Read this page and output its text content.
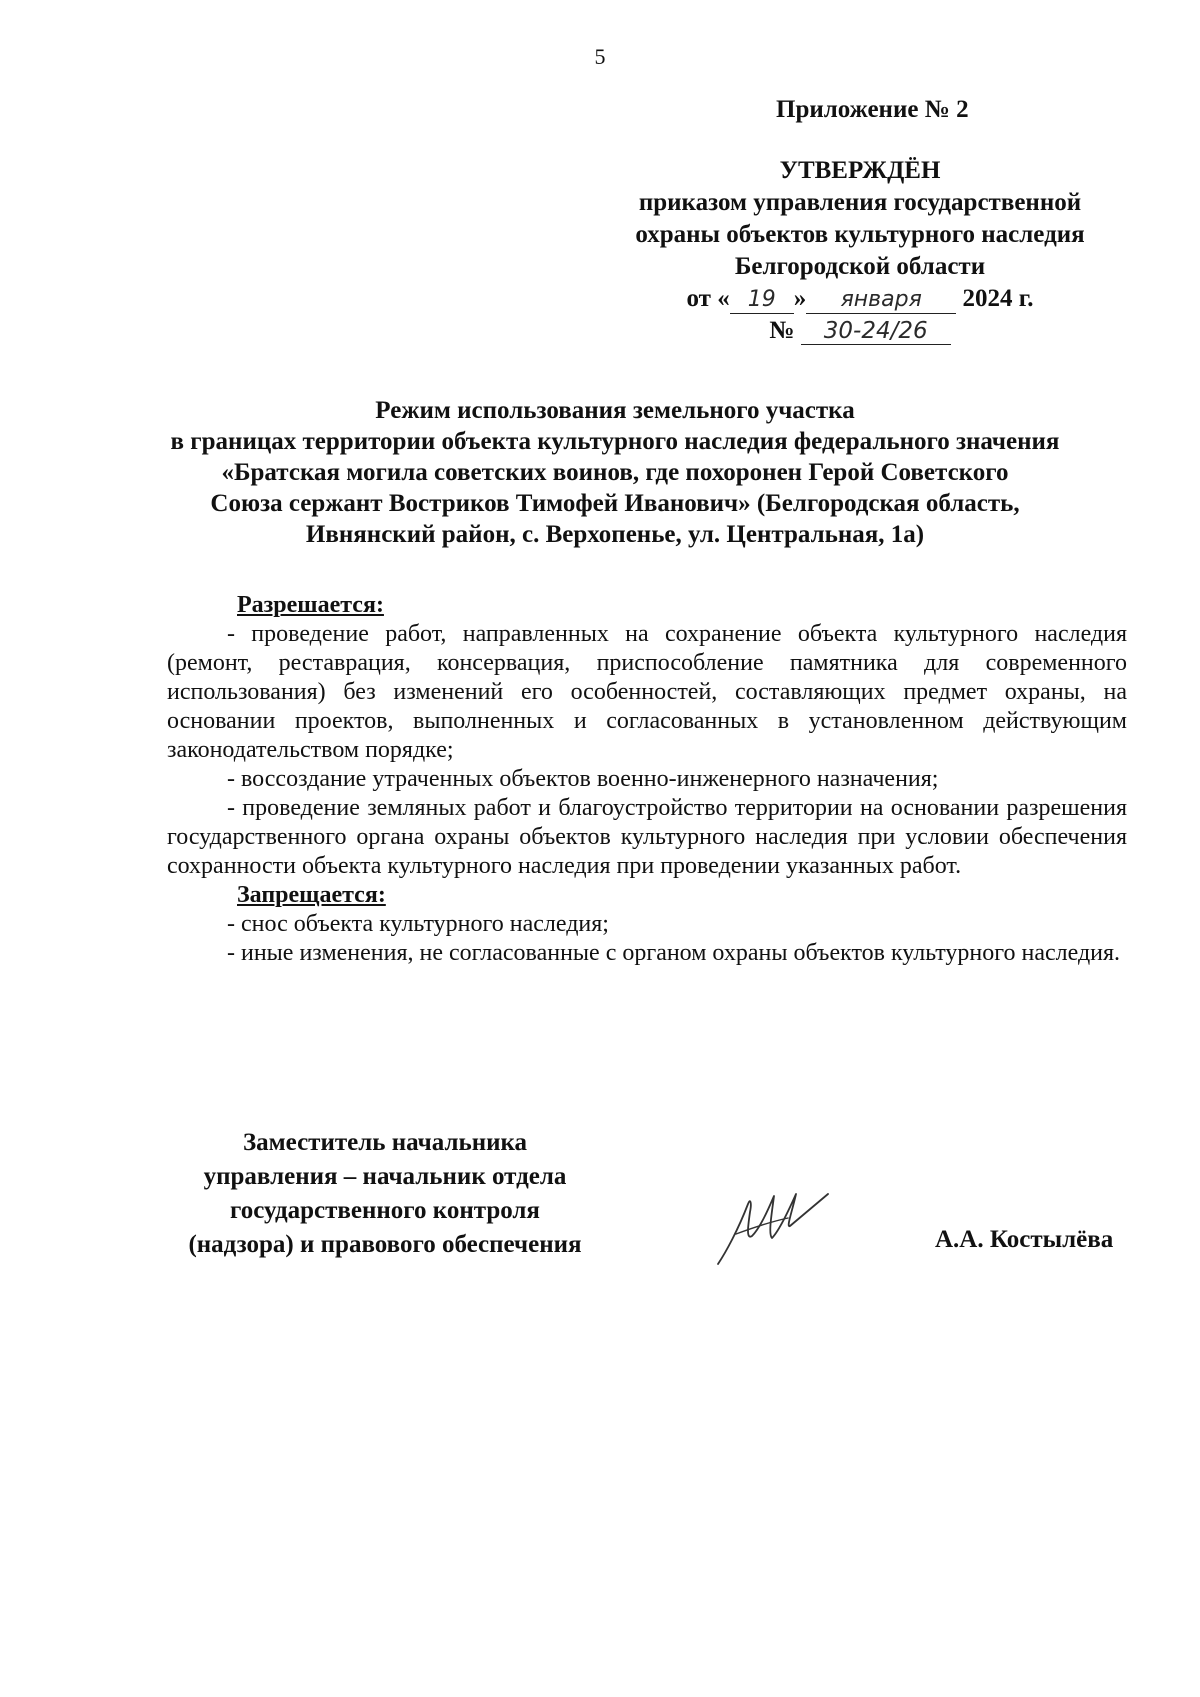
5
Приложение № 2
УТВЕРЖДЁН
приказом управления государственной
охраны объектов культурного наследия
Белгородской области
от « 19 » января 2024 г.
№ 30-24/26
Режим использования земельного участка
в границах территории объекта культурного наследия федерального значения
«Братская могила советских воинов, где похоронен Герой Советского
Союза сержант Востриков Тимофей Иванович» (Белгородская область,
Ивнянский район, с. Верхопенье, ул. Центральная, 1а)

Разрешается:

- проведение работ, направленных на сохранение объекта культурного наследия (ремонт, реставрация, консервация, приспособление памятника для современного использования) без изменений его особенностей, составляющих предмет охраны, на основании проектов, выполненных и согласованных в установленном действующим законодательством порядке;

- воссоздание утраченных объектов военно-инженерного назначения;

- проведение земляных работ и благоустройство территории на основании разрешения государственного органа охраны объектов культурного наследия при условии обеспечения сохранности объекта культурного наследия при проведении указанных работ.

Запрещается:

- снос объекта культурного наследия;

- иные изменения, не согласованные с органом охраны объектов культурного наследия.

Заместитель начальника
управления – начальник отдела
государственного контроля
(надзора) и правового обеспечения	А.А. Костылёва
